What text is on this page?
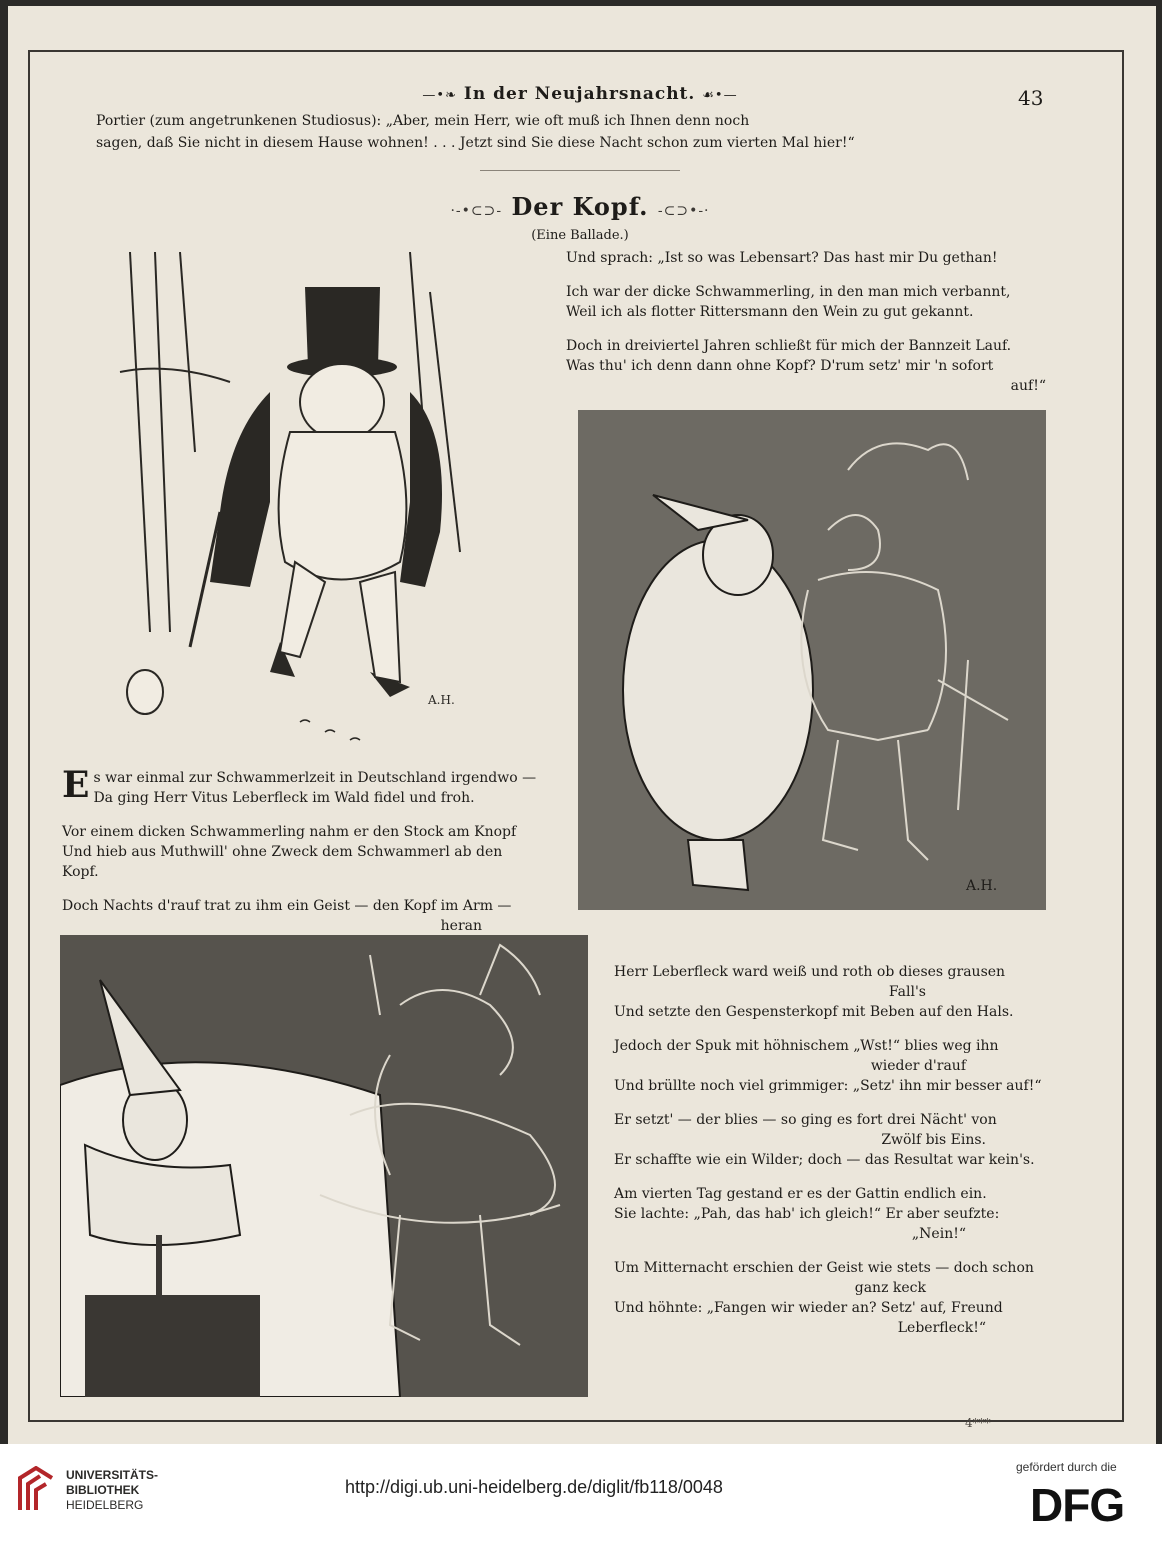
—•❧ In der Neujahrsnacht. ☙•—	43
Portier (zum angetrunkenen Studiosus): „Aber, mein Herr, wie oft muß ich Ihnen denn noch
sagen, daß Sie nicht in diesem Hause wohnen! . . . Jetzt sind Sie diese Nacht schon zum vierten Mal hier!“
·-•⊂⊃- Der Kopf. -⊂⊃•-·
(Eine Ballade.)
A.H.

Und sprach: „Ist so was Lebensart? Das hast mir Du gethan!

Ich war der dicke Schwammerling, in den man mich verbannt,

Weil ich als flotter Rittersmann den Wein zu gut gekannt.

Doch in dreiviertel Jahren schließt für mich der Bannzeit Lauf.

Was thu' ich denn dann ohne Kopf? D'rum setz' mir 'n sofort

auf!“

A.H.
E s war einmal zur Schwammerlzeit in Deutschland irgendwo —

Da ging Herr Vitus Leberfleck im Wald fidel und froh.

Vor einem dicken Schwammerling nahm er den Stock am Knopf

Und hieb aus Muthwill' ohne Zweck dem Schwammerl ab den Kopf.

Doch Nachts d'rauf trat zu ihm ein Geist — den Kopf im Arm —

heran

Herr Leberfleck ward weiß und roth ob dieses grausen

Fall's

Und setzte den Gespensterkopf mit Beben auf den Hals.

Jedoch der Spuk mit höhnischem „Wst!“ blies weg ihn

wieder d'rauf

Und brüllte noch viel grimmiger: „Setz' ihn mir besser auf!“

Er setzt' — der blies — so ging es fort drei Nächt' von

Zwölf bis Eins.

Er schaffte wie ein Wilder; doch — das Resultat war kein's.

Am vierten Tag gestand er es der Gattin endlich ein.

Sie lachte: „Pah, das hab' ich gleich!“ Er aber seufzte:

„Nein!“

Um Mitternacht erschien der Geist wie stets — doch schon

ganz keck

Und höhnte: „Fangen wir wieder an? Setz' auf, Freund

Leberfleck!“

4***
UNIVERSITÄTS-
BIBLIOTHEK
HEIDELBERG
http://digi.ub.uni-heidelberg.de/diglit/fb118/0048
gefördert durch die
DFG
